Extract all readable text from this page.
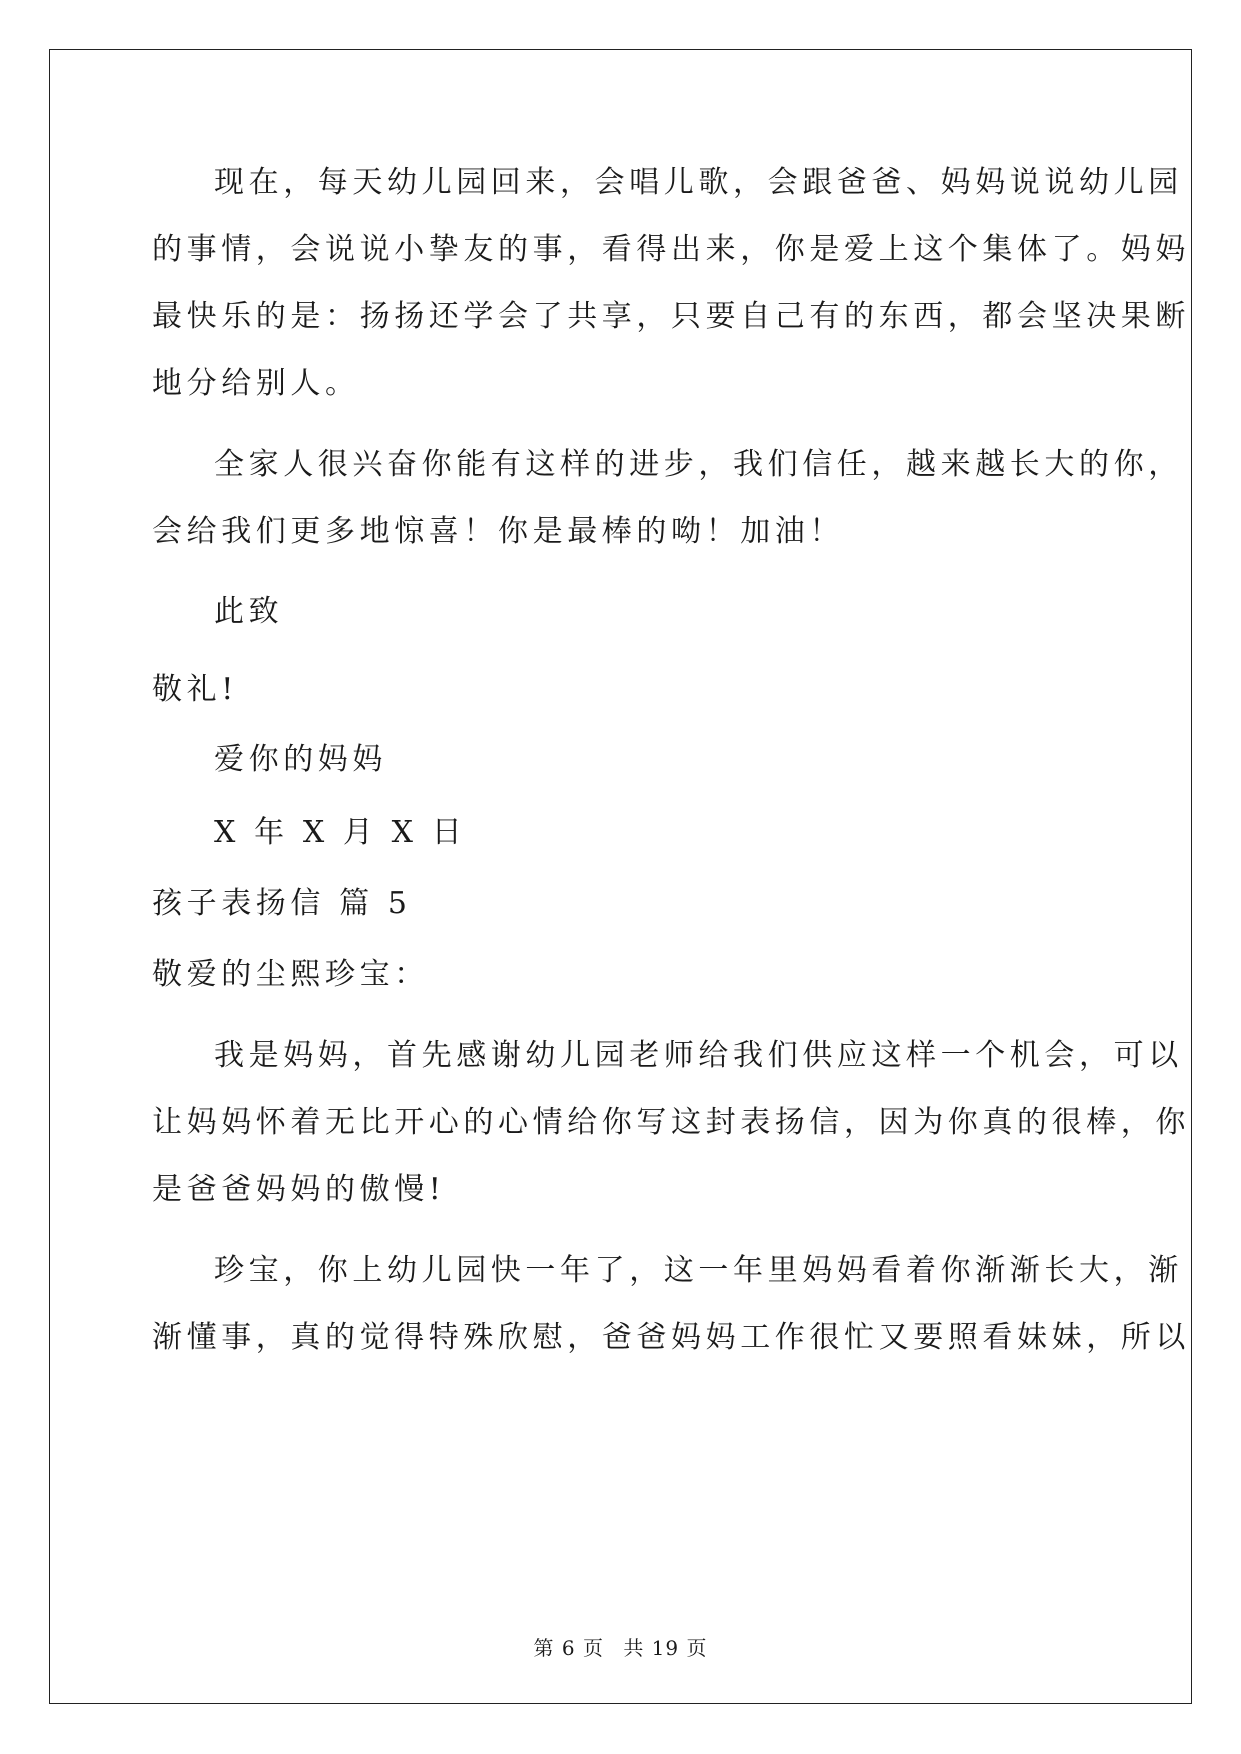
现在，每天幼儿园回来，会唱儿歌，会跟爸爸、妈妈说说幼儿园
的事情，会说说小挚友的事，看得出来，你是爱上这个集体了。妈妈
最快乐的是：扬扬还学会了共享，只要自己有的东西，都会坚决果断
地分给别人。
全家人很兴奋你能有这样的进步，我们信任，越来越长大的你，
会给我们更多地惊喜！你是最棒的呦！加油！
此致
敬礼!
爱你的妈妈
X 年 X 月 X 日
孩子表扬信 篇 5
敬爱的尘熙珍宝：
我是妈妈，首先感谢幼儿园老师给我们供应这样一个机会，可以
让妈妈怀着无比开心的心情给你写这封表扬信，因为你真的很棒，你
是爸爸妈妈的傲慢!
珍宝，你上幼儿园快一年了，这一年里妈妈看着你渐渐长大，渐
渐懂事，真的觉得特殊欣慰，爸爸妈妈工作很忙又要照看妹妹，所以
第 6 页 共 19 页
